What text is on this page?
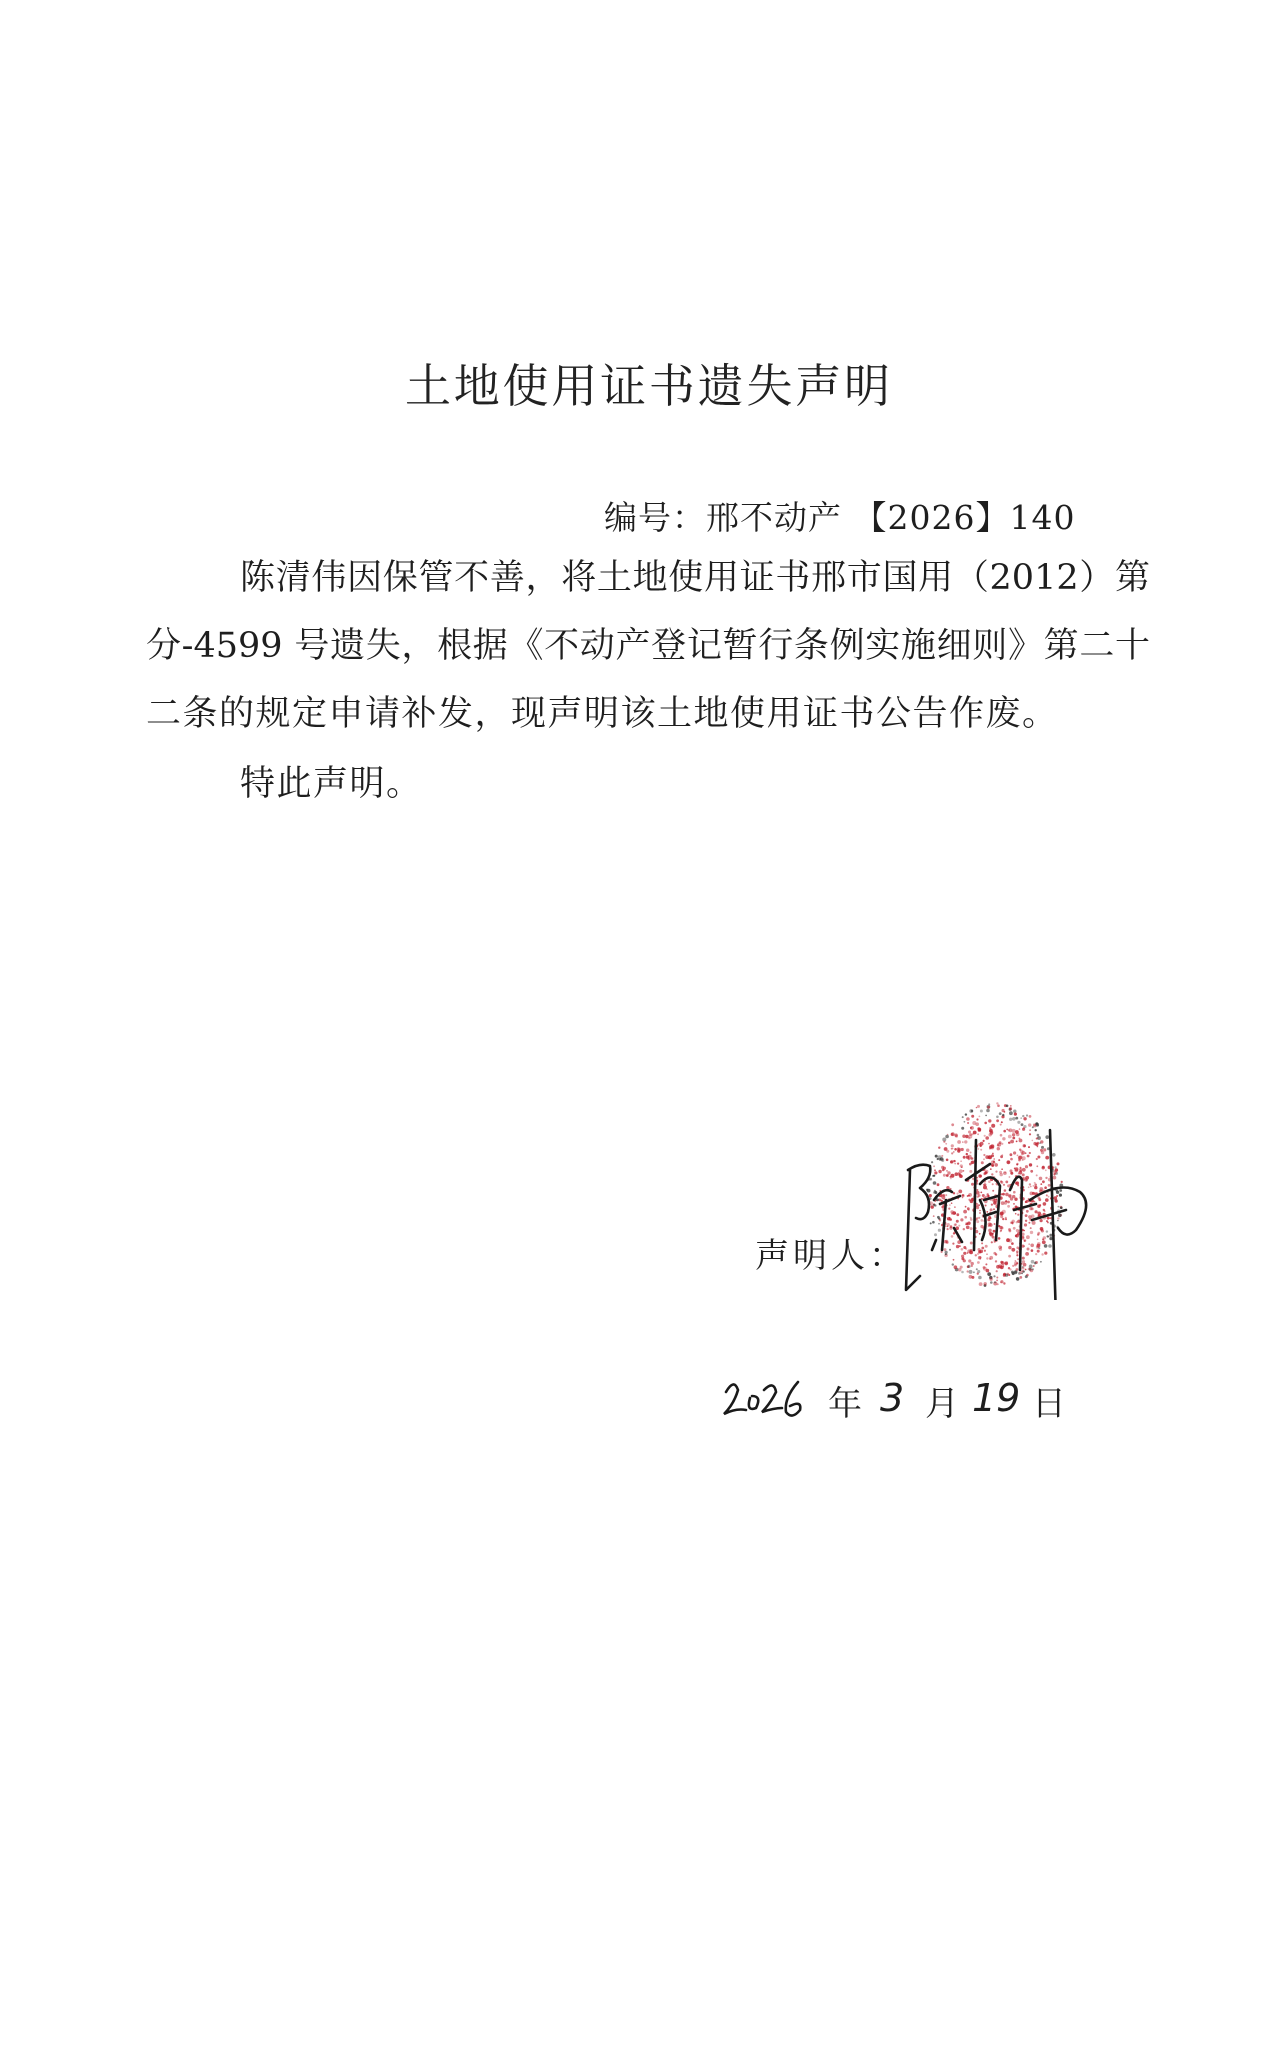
土地使用证书遗失声明
编号：邢不动产 【2026】140
陈清伟因保管不善，将土地使用证书邢市国用（2012）第
分-4599 号遗失，根据《不动产登记暂行条例实施细则》第二十
二条的规定申请补发，现声明该土地使用证书公告作废。
特此声明。
声明人：
年 3 月 19 日
